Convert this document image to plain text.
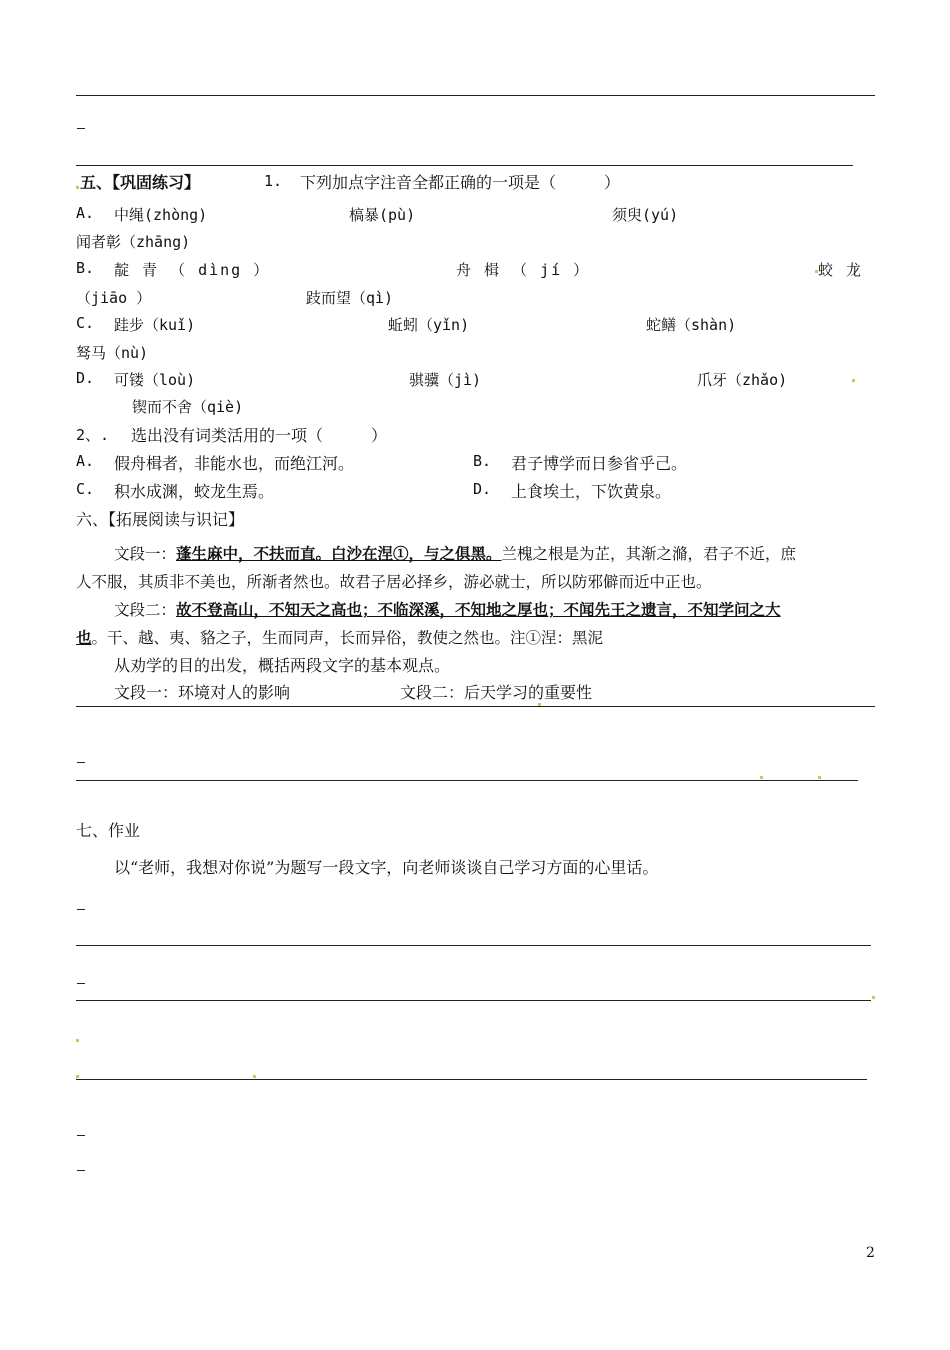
五、【巩固练习】	1. 下列加点字注音全都正确的一项是（　　　）
A. 中绳(zhòng)	槁暴(pù)	须臾(yú)
闻者彰（zhāng)
B. 靛 青 （ dìng ）	舟 楫 （ jí ）	蛟 龙
（jiāo ）	跂而望（qì)
C. 跬步（kuǐ)	蚯蚓（yǐn)	蛇鳝（shàn)
驽马（nù)
D. 可镂（loù)	骐骥（jì)	爪牙（zhǎo)
锲而不舍（qiè)
2、. 选出没有词类活用的一项（　　　）
A. 假舟楫者，非能水也，而绝江河。	B. 君子博学而日参省乎己。
C. 积水成渊，蛟龙生焉。	D. 上食埃土，下饮黄泉。
六、【拓展阅读与识记】
文段一：蓬生麻中，不扶而直。白沙在涅①，与之俱黑。兰槐之根是为芷，其渐之滫，君子不近，庶
人不服，其质非不美也，所渐者然也。故君子居必择乡，游必就士，所以防邪僻而近中正也。
文段二：故不登高山，不知天之高也；不临深溪，不知地之厚也；不闻先王之遗言，不知学问之大
也。干、越、夷、貉之子，生而同声，长而异俗，教使之然也。注①涅：黑泥
从劝学的目的出发，概括两段文字的基本观点。
文段一：环境对人的影响	文段二：后天学习的重要性
七、作业
以“老师，我想对你说”为题写一段文字，向老师谈谈自己学习方面的心里话。
2
